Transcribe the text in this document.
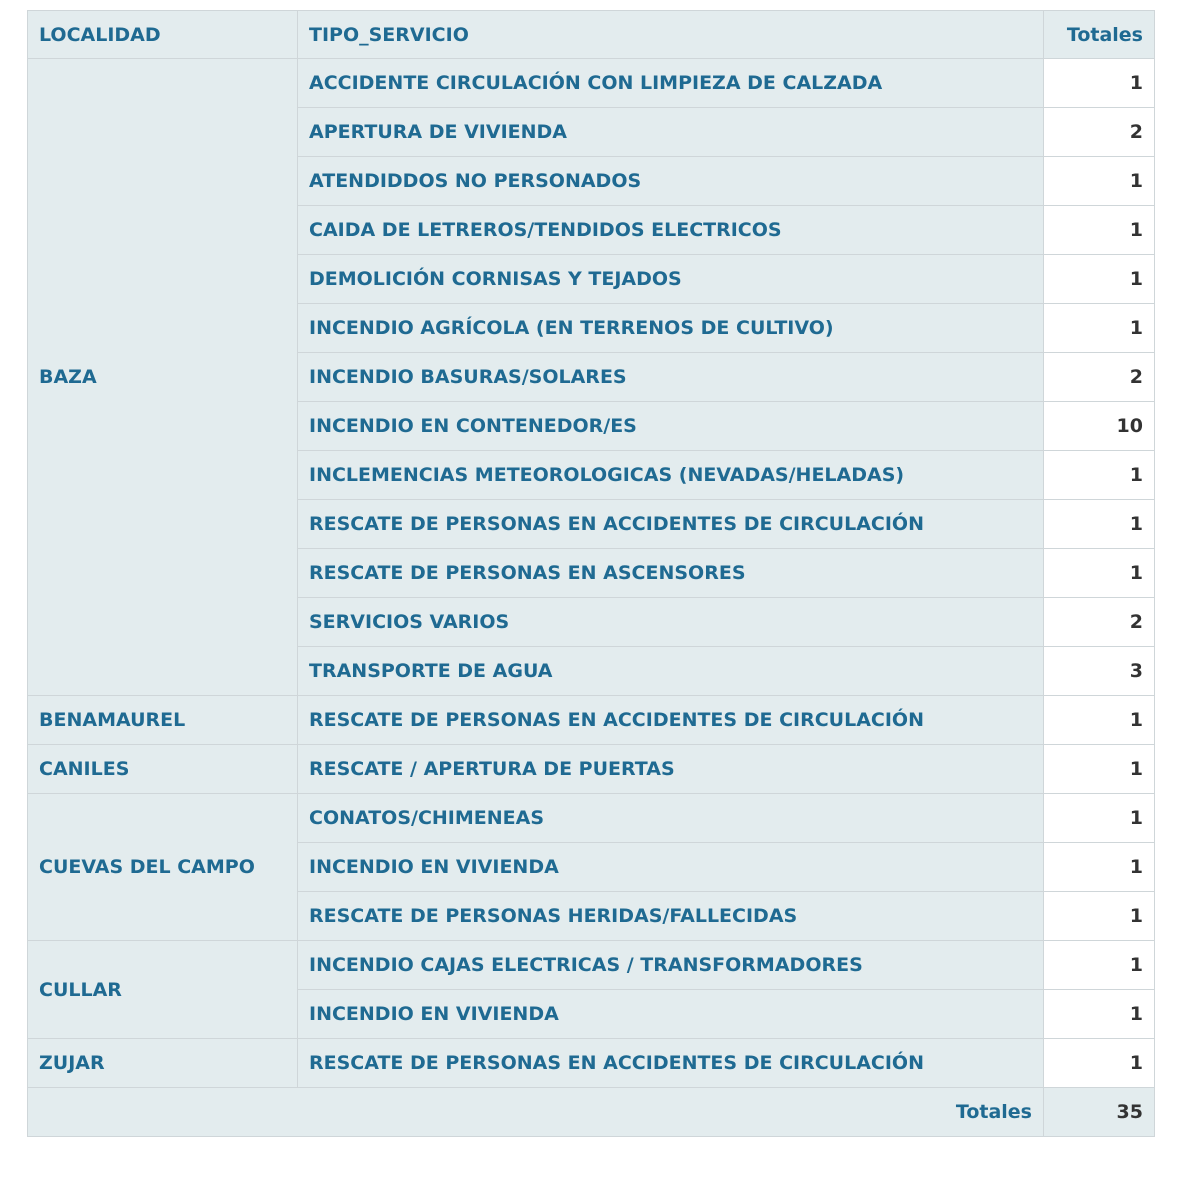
LOCALIDAD	TIPO_SERVICIO	Totales
BAZA	ACCIDENTE CIRCULACIÓN CON LIMPIEZA DE CALZADA	1
	APERTURA DE VIVIENDA	2
	ATENDIDDOS NO PERSONADOS	1
	CAIDA DE LETREROS/TENDIDOS ELECTRICOS	1
	DEMOLICIÓN CORNISAS Y TEJADOS	1
	INCENDIO AGRÍCOLA (EN TERRENOS DE CULTIVO)	1
	INCENDIO BASURAS/SOLARES	2
	INCENDIO EN CONTENEDOR/ES	10
	INCLEMENCIAS METEOROLOGICAS (NEVADAS/HELADAS)	1
	RESCATE DE PERSONAS EN ACCIDENTES DE CIRCULACIÓN	1
	RESCATE DE PERSONAS EN ASCENSORES	1
	SERVICIOS VARIOS	2
	TRANSPORTE DE AGUA	3
BENAMAUREL	RESCATE DE PERSONAS EN ACCIDENTES DE CIRCULACIÓN	1
CANILES	RESCATE / APERTURA DE PUERTAS	1
CUEVAS DEL CAMPO	CONATOS/CHIMENEAS	1
	INCENDIO EN VIVIENDA	1
	RESCATE DE PERSONAS HERIDAS/FALLECIDAS	1
CULLAR	INCENDIO CAJAS ELECTRICAS / TRANSFORMADORES	1
	INCENDIO EN VIVIENDA	1
ZUJAR	RESCATE DE PERSONAS EN ACCIDENTES DE CIRCULACIÓN	1
Totales		35
